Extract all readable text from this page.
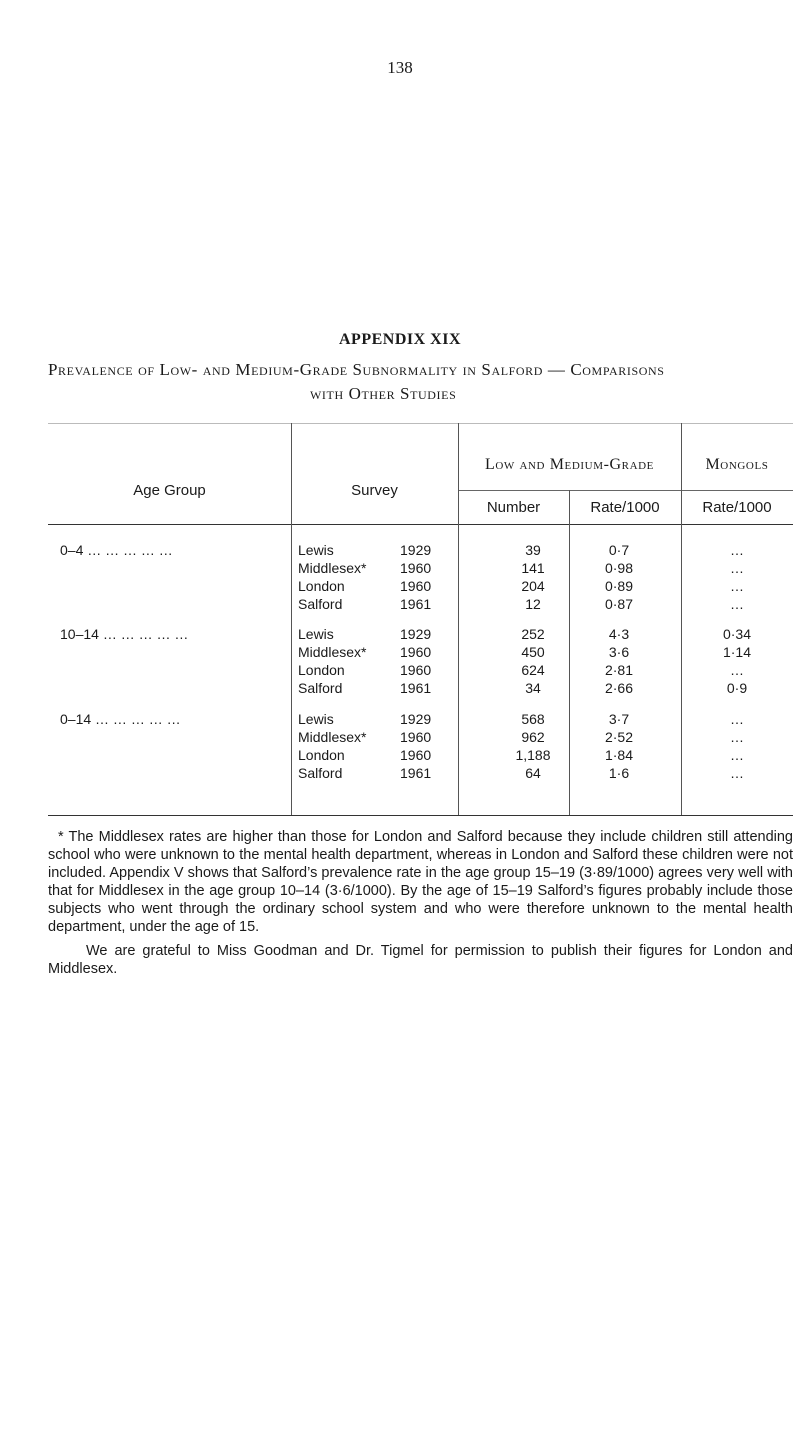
138
APPENDIX XIX
Prevalence of Low- and Medium-Grade Subnormality in Salford — Comparisons
with Other Studies
Age Group	Survey
Low and Medium-Grade	Mongols
Number	Rate/1000	Rate/1000
0–4 … … … … …	Lewis	1929	39	0·7	…
Middlesex* 1960	141	0·98	…
London	1960	204	0·89	…
Salford	1961	12	0·87	…
10–14 … … … … …	Lewis	1929	252	4·3	0·34
Middlesex* 1960	450	3·6	1·14
London	1960	624	2·81	…
Salford	1961	34	2·66	0·9
0–14 … … … … …	Lewis	1929	568	3·7	…
Middlesex* 1960	962	2·52	…
London	1960	1,188	1·84	…
Salford	1961	64	1·6	…
* The Middlesex rates are higher than those for London and Salford because they include children still attending school who were unknown to the mental health department, whereas in London and Salford these children were not included. Appendix V shows that Salford’s prevalence rate in the age group 15–19 (3·89/1000) agrees very well with that for Middlesex in the age group 10–14 (3·6/1000). By the age of 15–19 Salford’s figures probably include those subjects who went through the ordinary school system and who were therefore unknown to the mental health department, under the age of 15.
We are grateful to Miss Goodman and Dr. Tigmel for permission to publish their figures for London and Middlesex.
